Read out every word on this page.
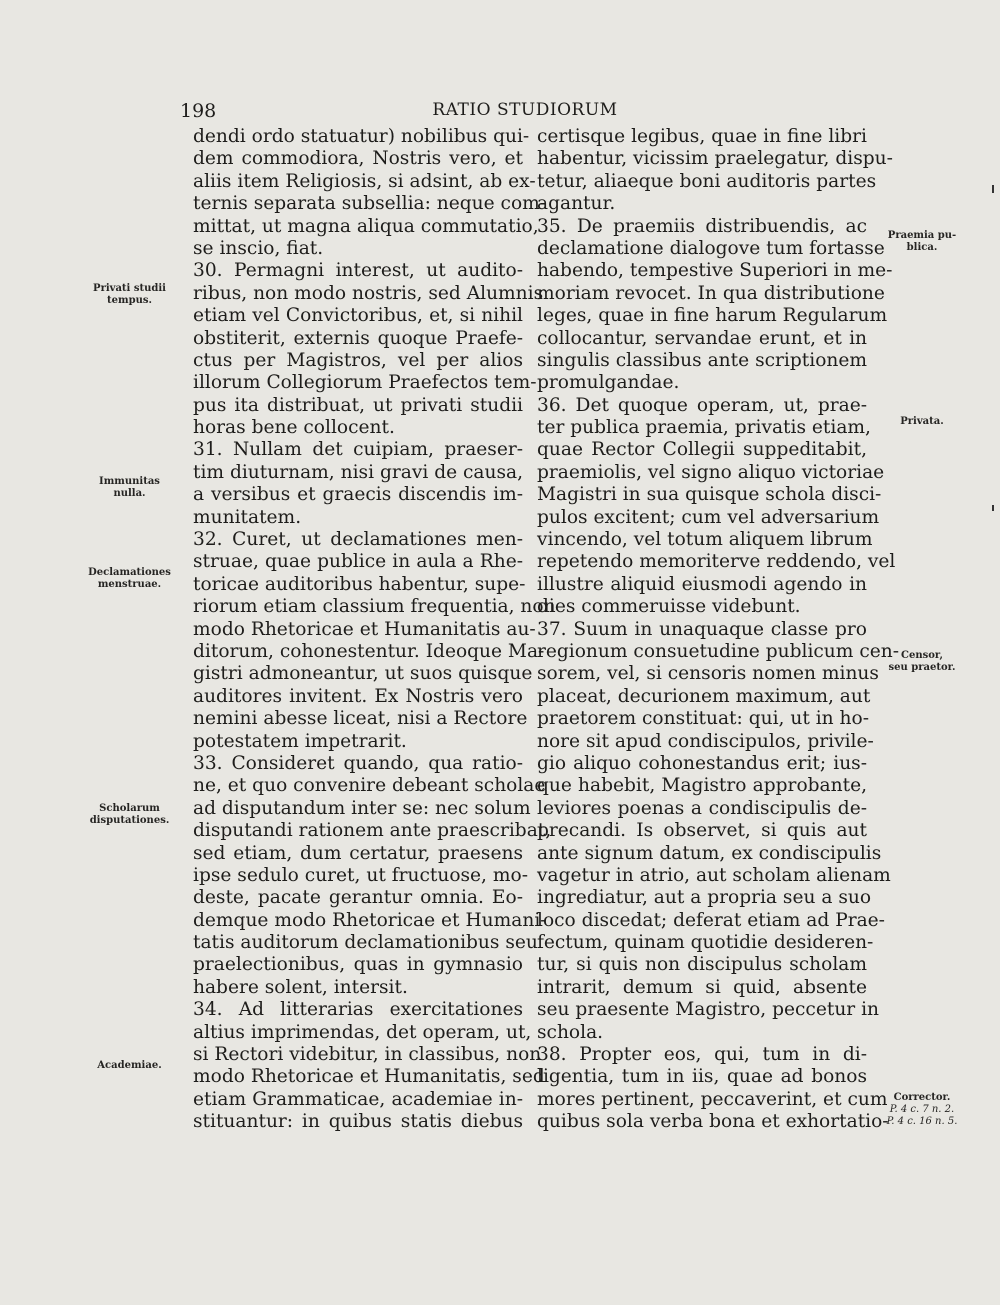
198	RATIO STUDIORUM
dendi ordo statuatur) nobilibus qui-
dem commodiora, Nostris vero, et
aliis item Religiosis, si adsint, ab ex-
ternis separata subsellia: neque com-
mittat, ut magna aliqua commutatio,
se inscio, fiat.
30. Permagni interest, ut audito-
ribus, non modo nostris, sed Alumnis
etiam vel Convictoribus, et, si nihil
obstiterit, externis quoque Praefe-
ctus per Magistros, vel per alios
illorum Collegiorum Praefectos tem-
pus ita distribuat, ut privati studii
horas bene collocent.
31. Nullam det cuipiam, praeser-
tim diuturnam, nisi gravi de causa,
a versibus et graecis discendis im-
munitatem.
32. Curet, ut declamationes men-
struae, quae publice in aula a Rhe-
toricae auditoribus habentur, supe-
riorum etiam classium frequentia, non
modo Rhetoricae et Humanitatis au-
ditorum, cohonestentur. Ideoque Ma-
gistri admoneantur, ut suos quisque
auditores invitent. Ex Nostris vero
nemini abesse liceat, nisi a Rectore
potestatem impetrarit.
33. Consideret quando, qua ratio-
ne, et quo convenire debeant scholae
ad disputandum inter se: nec solum
disputandi rationem ante praescribat,
sed etiam, dum certatur, praesens
ipse sedulo curet, ut fructuose, mo-
deste, pacate gerantur omnia. Eo-
demque modo Rhetoricae et Humani-
tatis auditorum declamationibus seu
praelectionibus, quas in gymnasio
habere solent, intersit.
34. Ad litterarias exercitationes
altius imprimendas, det operam, ut,
si Rectori videbitur, in classibus, non
modo Rhetoricae et Humanitatis, sed
etiam Grammaticae, academiae in-
stituantur: in quibus statis diebus
certisque legibus, quae in fine libri
habentur, vicissim praelegatur, dispu-
tetur, aliaeque boni auditoris partes
agantur.
35. De praemiis distribuendis, ac
declamatione dialogove tum fortasse
habendo, tempestive Superiori in me-
moriam revocet. In qua distributione
leges, quae in fine harum Regularum
collocantur, servandae erunt, et in
singulis classibus ante scriptionem
promulgandae.
36. Det quoque operam, ut, prae-
ter publica praemia, privatis etiam,
quae Rector Collegii suppeditabit,
praemiolis, vel signo aliquo victoriae
Magistri in sua quisque schola disci-
pulos excitent; cum vel adversarium
vincendo, vel totum aliquem librum
repetendo memoriterve reddendo, vel
illustre aliquid eiusmodi agendo in
dies commeruisse videbunt.
37. Suum in unaquaque classe pro
regionum consuetudine publicum cen-
sorem, vel, si censoris nomen minus
placeat, decurionem maximum, aut
praetorem constituat: qui, ut in ho-
nore sit apud condiscipulos, privile-
gio aliquo cohonestandus erit; ius-
que habebit, Magistro approbante,
leviores poenas a condiscipulis de-
precandi. Is observet, si quis aut
ante signum datum, ex condiscipulis
vagetur in atrio, aut scholam alienam
ingrediatur, aut a propria seu a suo
loco discedat; deferat etiam ad Prae-
fectum, quinam quotidie desideren-
tur, si quis non discipulus scholam
intrarit, demum si quid, absente
seu praesente Magistro, peccetur in
schola.
38. Propter eos, qui, tum in di-
ligentia, tum in iis, quae ad bonos
mores pertinent, peccaverint, et cum
quibus sola verba bona et exhortatio-
Privati studii
tempus.
Immunitas
nulla.
Declamationes
menstruae.
Scholarum
disputationes.
Academiae.
Praemia pu-
blica.
Privata.
Censor,
seu praetor.
Corrector.
P. 4 c. 7 n. 2.
P. 4 c. 16 n. 5.
